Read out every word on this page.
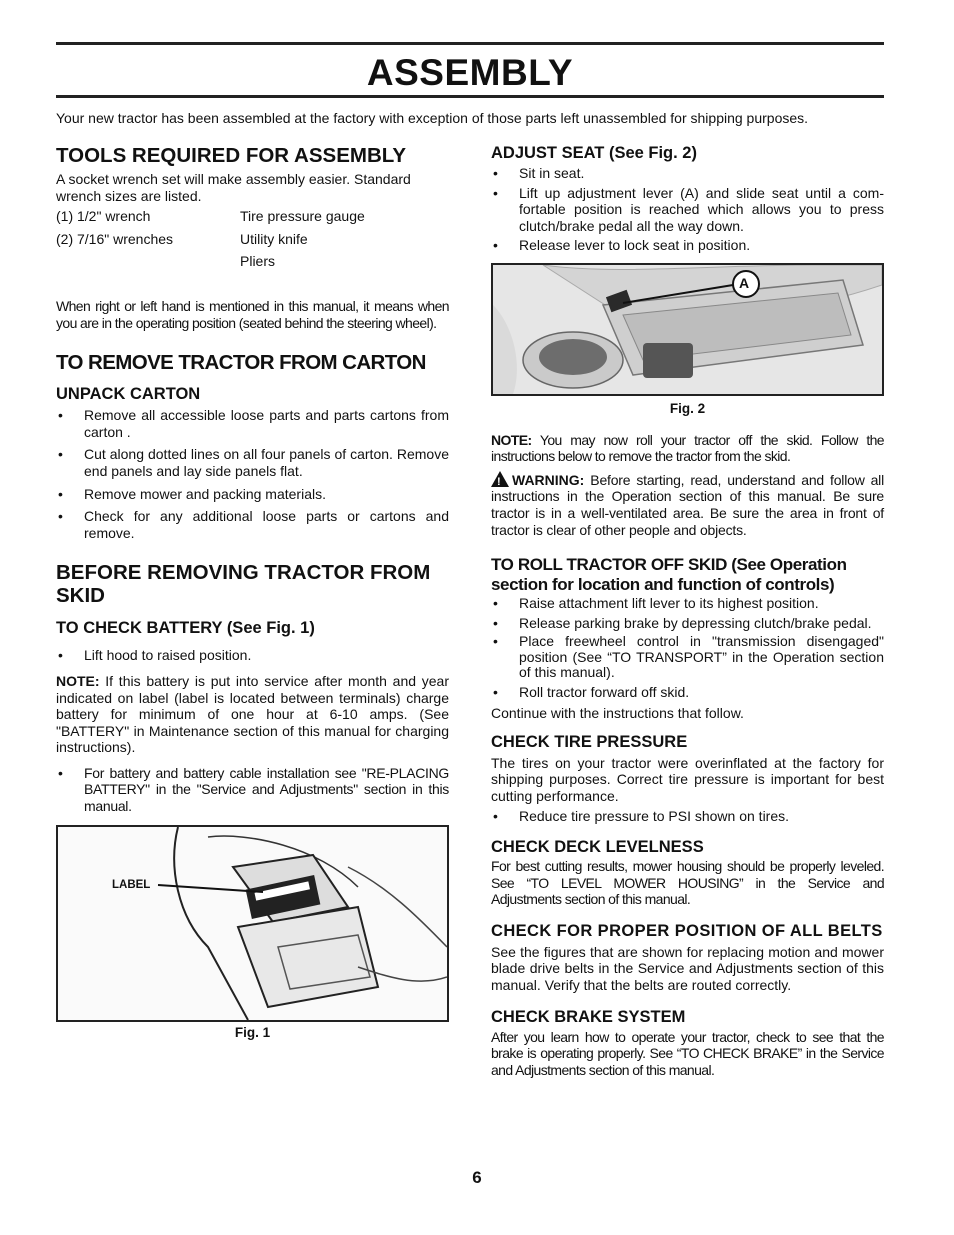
ASSEMBLY
Your new tractor has been assembled at the factory with exception of those parts left unassembled for shipping purposes.
TOOLS REQUIRED FOR ASSEMBLY

A socket wrench set will make assembly easier. Standard wrench sizes are listed.

(1) 1/2" wrench	Tire pressure gauge
(2) 7/16" wrenches	Utility knife
Pliers

When right or left hand is mentioned in this manual, it means when you are in the operating position (seated behind the steering wheel).

TO REMOVE TRACTOR FROM CARTON
UNPACK CARTON
• Remove all accessible loose parts and parts cartons from carton .
• Cut along dotted lines on all four panels of carton. Remove end panels and lay side panels flat.
• Remove mower and packing materials.
• Check for any additional loose parts or cartons and remove.
BEFORE REMOVING TRACTOR FROM SKID
TO CHECK BATTERY (See Fig. 1)
• Lift hood to raised position.

NOTE: If this battery is put into service after month and year indicated on label (label is located between terminals) charge battery for minimum of one hour at 6-10 amps. (See "BATTERY" in Maintenance section of this manual for charging instructions).

• For battery and battery cable installation see "RE-PLACING BATTERY" in the "Service and Adjustments" section in this manual.
LABEL
Fig. 1
ADJUST SEAT (See Fig. 2)
• Sit in seat.
• Lift up adjustment lever (A) and slide seat until a com-fortable position is reached which allows you to press clutch/brake pedal all the way down.
• Release lever to lock seat in position.
A
Fig. 2

NOTE: You may now roll your tractor off the skid. Follow the instructions below to remove the tractor from the skid.

! WARNING: Before starting, read, understand and follow all instructions in the Operation section of this manual. Be sure tractor is in a well-ventilated area. Be sure the area in front of tractor is clear of other people and objects.

TO ROLL TRACTOR OFF SKID (See Operation section for location and function of controls)
• Raise attachment lift lever to its highest position.
• Release parking brake by depressing clutch/brake pedal.
• Place freewheel control in "transmission disengaged" position (See “TO TRANSPORT” in the Operation section of this manual).
• Roll tractor forward off skid.

Continue with the instructions that follow.

CHECK TIRE PRESSURE

The tires on your tractor were overinflated at the factory for shipping purposes. Correct tire pressure is important for best cutting performance.

• Reduce tire pressure to PSI shown on tires.
CHECK DECK LEVELNESS

For best cutting results, mower housing should be properly leveled. See “TO LEVEL MOWER HOUSING” in the Service and Adjustments section of this manual.

CHECK FOR PROPER POSITION OF ALL BELTS

See the figures that are shown for replacing motion and mower blade drive belts in the Service and Adjustments section of this manual. Verify that the belts are routed correctly.

CHECK BRAKE SYSTEM

After you learn how to operate your tractor, check to see that the brake is operating properly. See “TO CHECK BRAKE” in the Service and Adjustments section of this manual.

6
